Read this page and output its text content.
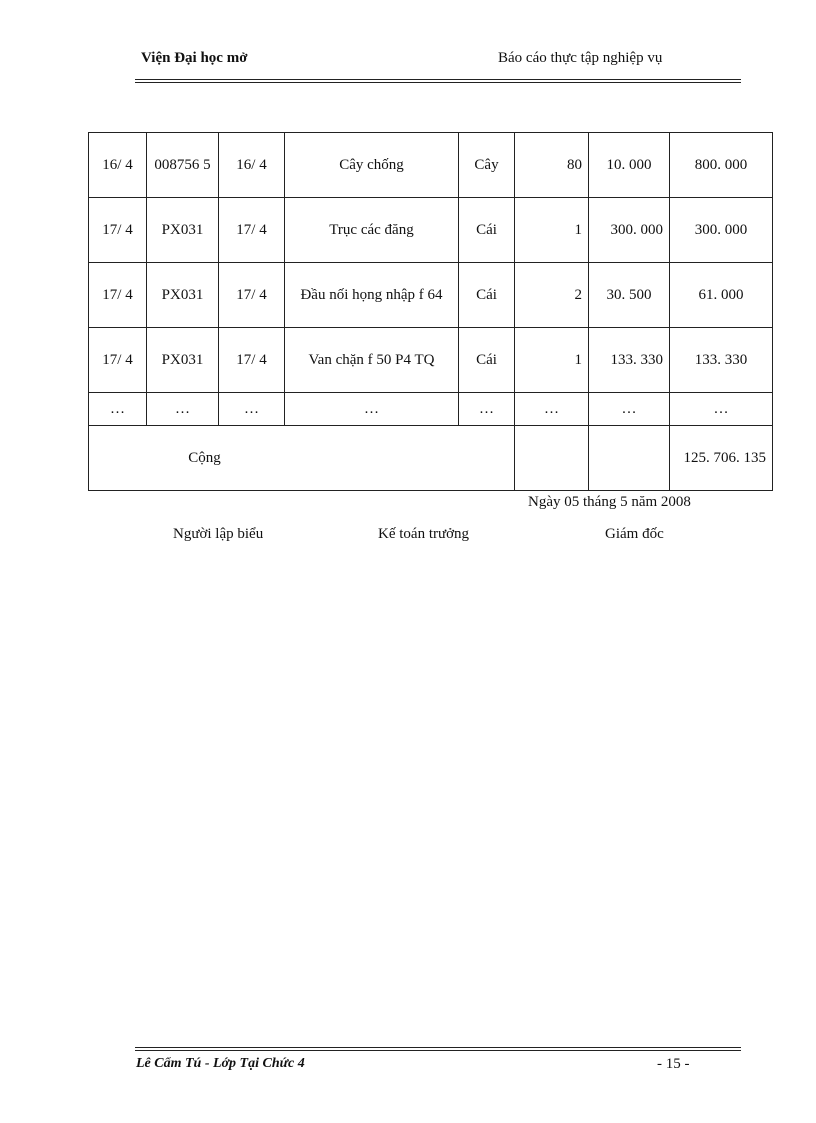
Viện Đại học mở	Báo cáo thực tập nghiệp vụ
16/ 4	008756 5	16/ 4	Cây chống	Cây	80	10. 000	800. 000
17/ 4	PX031	17/ 4	Trục các đăng	Cái	1	300. 000	300. 000
17/ 4	PX031	17/ 4	Đầu nối họng nhập f 64	Cái	2	30. 500	61. 000
17/ 4	PX031	17/ 4	Van chặn f 50 P4 TQ	Cái	1	133. 330	133. 330
…	…	…	…	…	…	…	…
Cộng							125. 706. 135
Ngày 05 tháng 5 năm 2008
Người lập biểu	Kế toán trưởng	Giám đốc
Lê Cẩm Tú - Lớp Tại Chức 4	- 15 -
